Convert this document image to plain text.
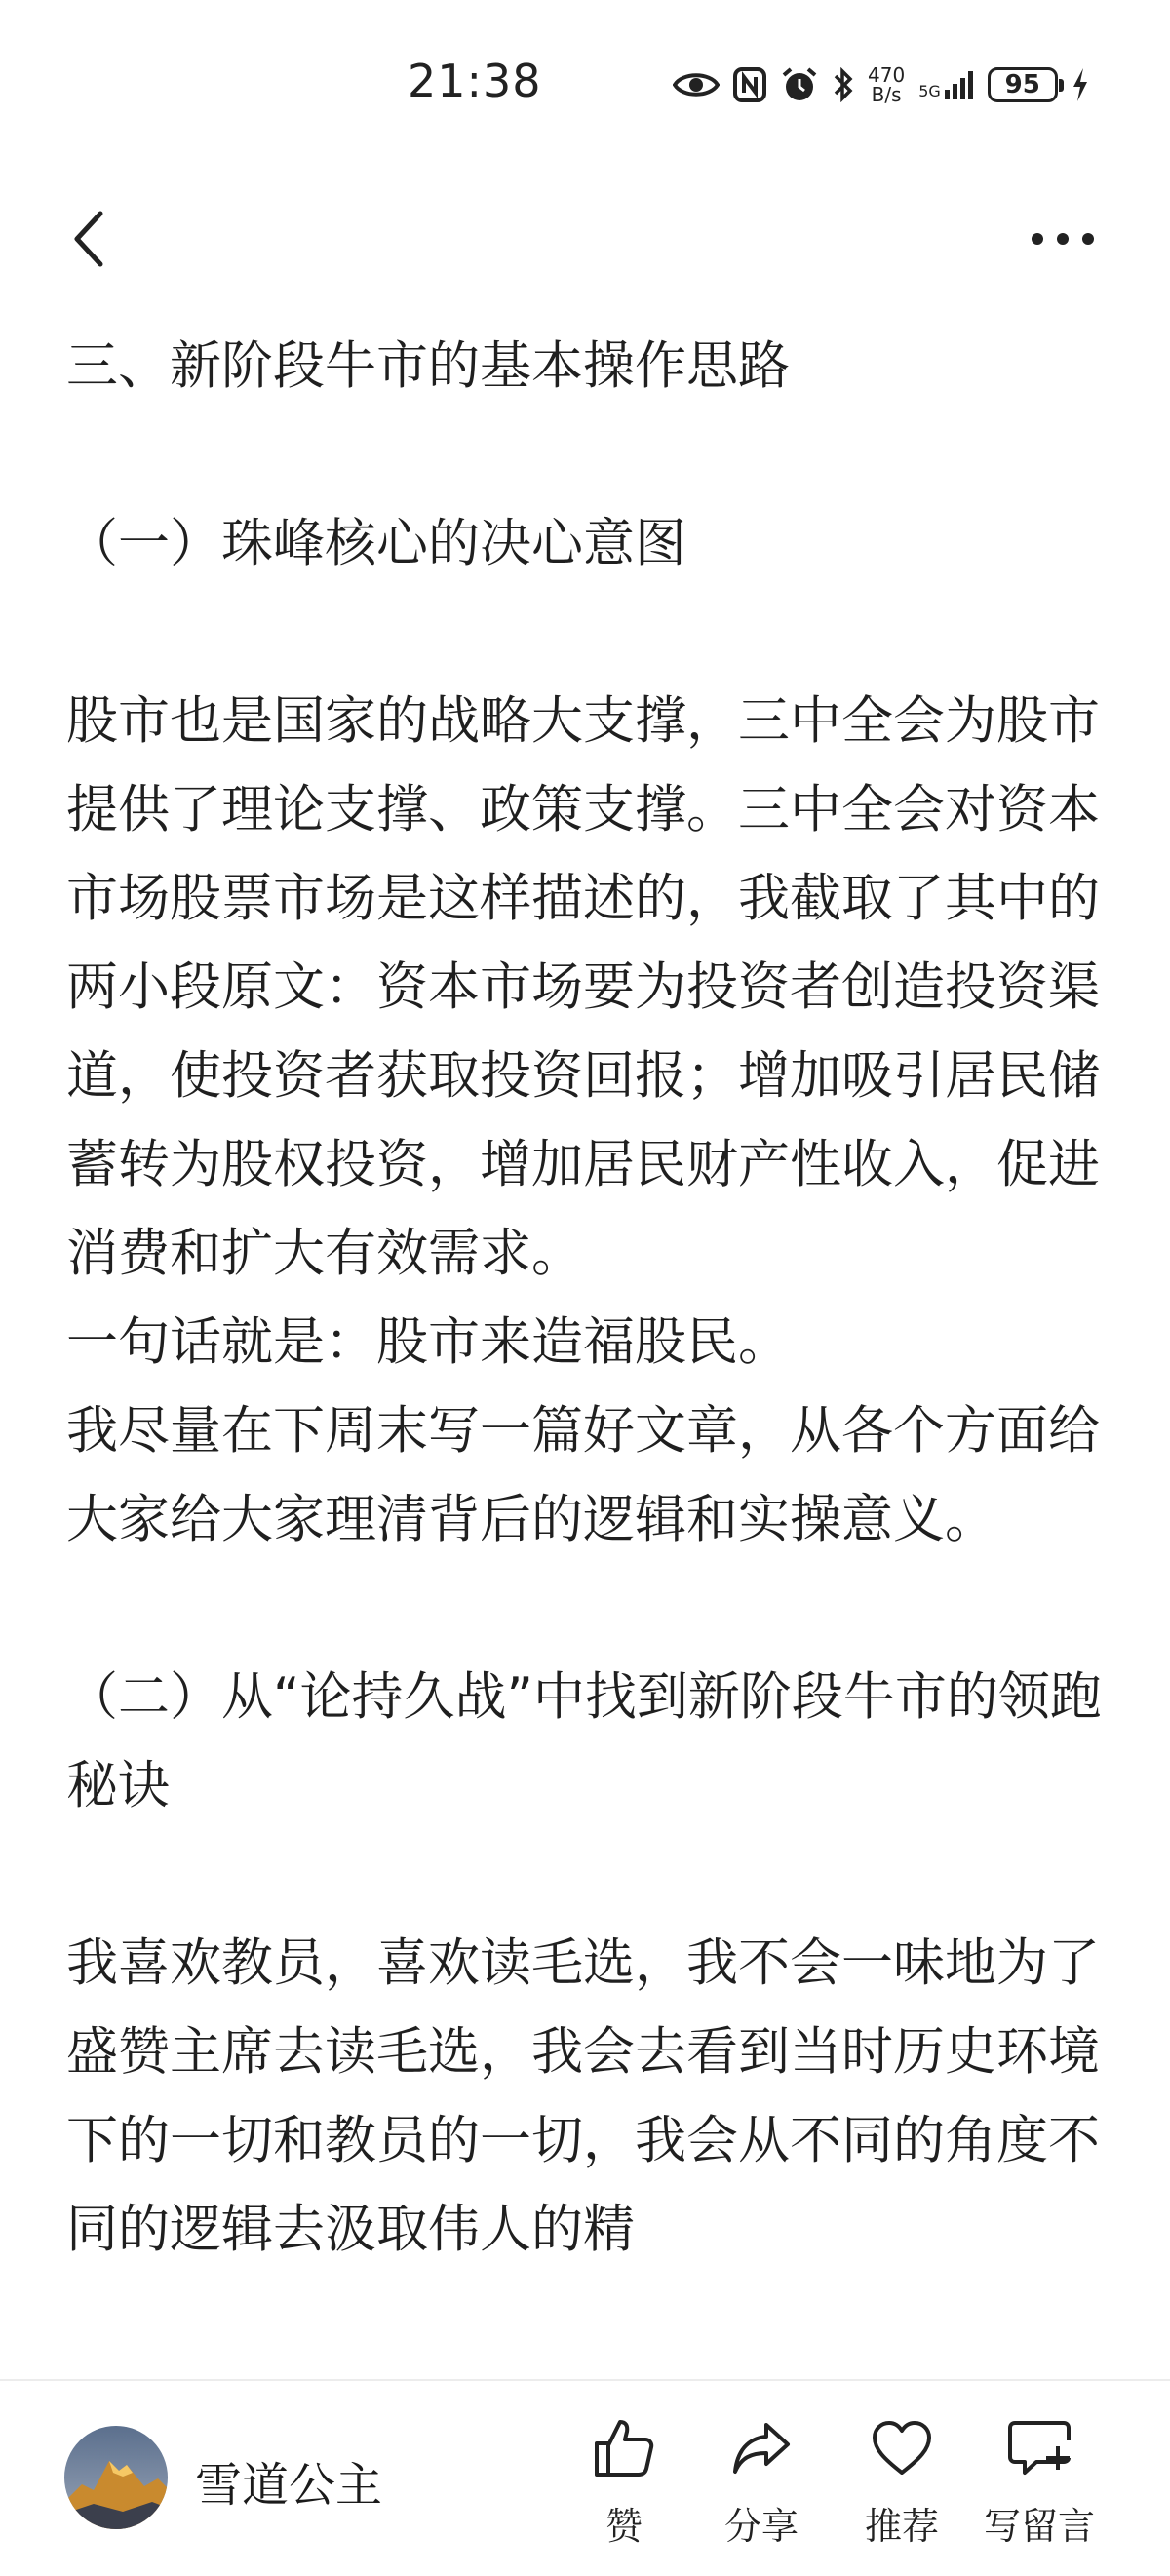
21:38	470
B/s 5G	95

三、新阶段牛市的基本操作思路

（一）珠峰核心的决心意图

股市也是国家的战略大支撑，三中全会为股市提供了理论支撑、政策支撑。三中全会对资本市场股票市场是这样描述的，我截取了其中的两小段原文：资本市场要为投资者创造投资渠道，使投资者获取投资回报；增加吸引居民储蓄转为股权投资，增加居民财产性收入，促进消费和扩大有效需求。

一句话就是：股市来造福股民。

我尽量在下周末写一篇好文章，从各个方面给大家给大家理清背后的逻辑和实操意义。

（二）从“论持久战”中找到新阶段牛市的领跑秘诀

我喜欢教员，喜欢读毛选，我不会一味地为了盛赞主席去读毛选，我会去看到当时历史环境下的一切和教员的一切，我会从不同的角度不同的逻辑去汲取伟人的精

雪道公主
赞 分享 推荐 写留言
